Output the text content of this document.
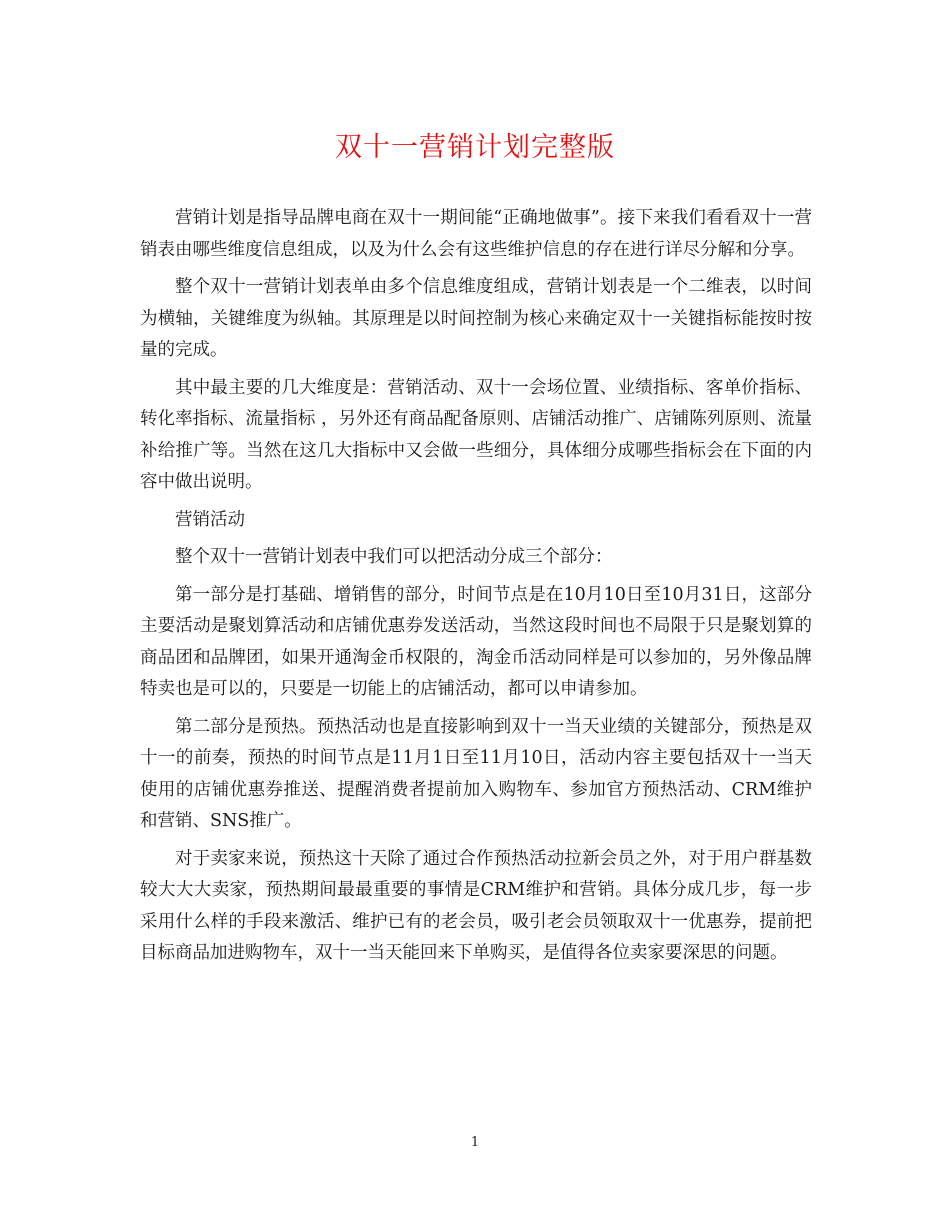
双十一营销计划完整版

营销计划是指导品牌电商在双十一期间能“正确地做事”。接下来我们看看双十一营销表由哪些维度信息组成，以及为什么会有这些维护信息的存在进行详尽分解和分享。

整个双十一营销计划表单由多个信息维度组成，营销计划表是一个二维表，以时间为横轴，关键维度为纵轴。其原理是以时间控制为核心来确定双十一关键指标能按时按量的完成。

其中最主要的几大维度是：营销活动、双十一会场位置、业绩指标、客单价指标、转化率指标、流量指标 ，另外还有商品配备原则、店铺活动推广、店铺陈列原则、流量补给推广等。当然在这几大指标中又会做一些细分，具体细分成哪些指标会在下面的内容中做出说明。

营销活动

整个双十一营销计划表中我们可以把活动分成三个部分：

第一部分是打基础、增销售的部分，时间节点是在10月10日至10月31日，这部分主要活动是聚划算活动和店铺优惠券发送活动，当然这段时间也不局限于只是聚划算的商品团和品牌团，如果开通淘金币权限的，淘金币活动同样是可以参加的，另外像品牌特卖也是可以的，只要是一切能上的店铺活动，都可以申请参加。

第二部分是预热。预热活动也是直接影响到双十一当天业绩的关键部分，预热是双十一的前奏，预热的时间节点是11月1日至11月10日，活动内容主要包括双十一当天使用的店铺优惠券推送、提醒消费者提前加入购物车、参加官方预热活动、CRM维护和营销、SNS推广。

对于卖家来说，预热这十天除了通过合作预热活动拉新会员之外，对于用户群基数较大大大卖家，预热期间最最重要的事情是CRM维护和营销。具体分成几步，每一步采用什么样的手段来激活、维护已有的老会员，吸引老会员领取双十一优惠券，提前把目标商品加进购物车，双十一当天能回来下单购买，是值得各位卖家要深思的问题。

1
